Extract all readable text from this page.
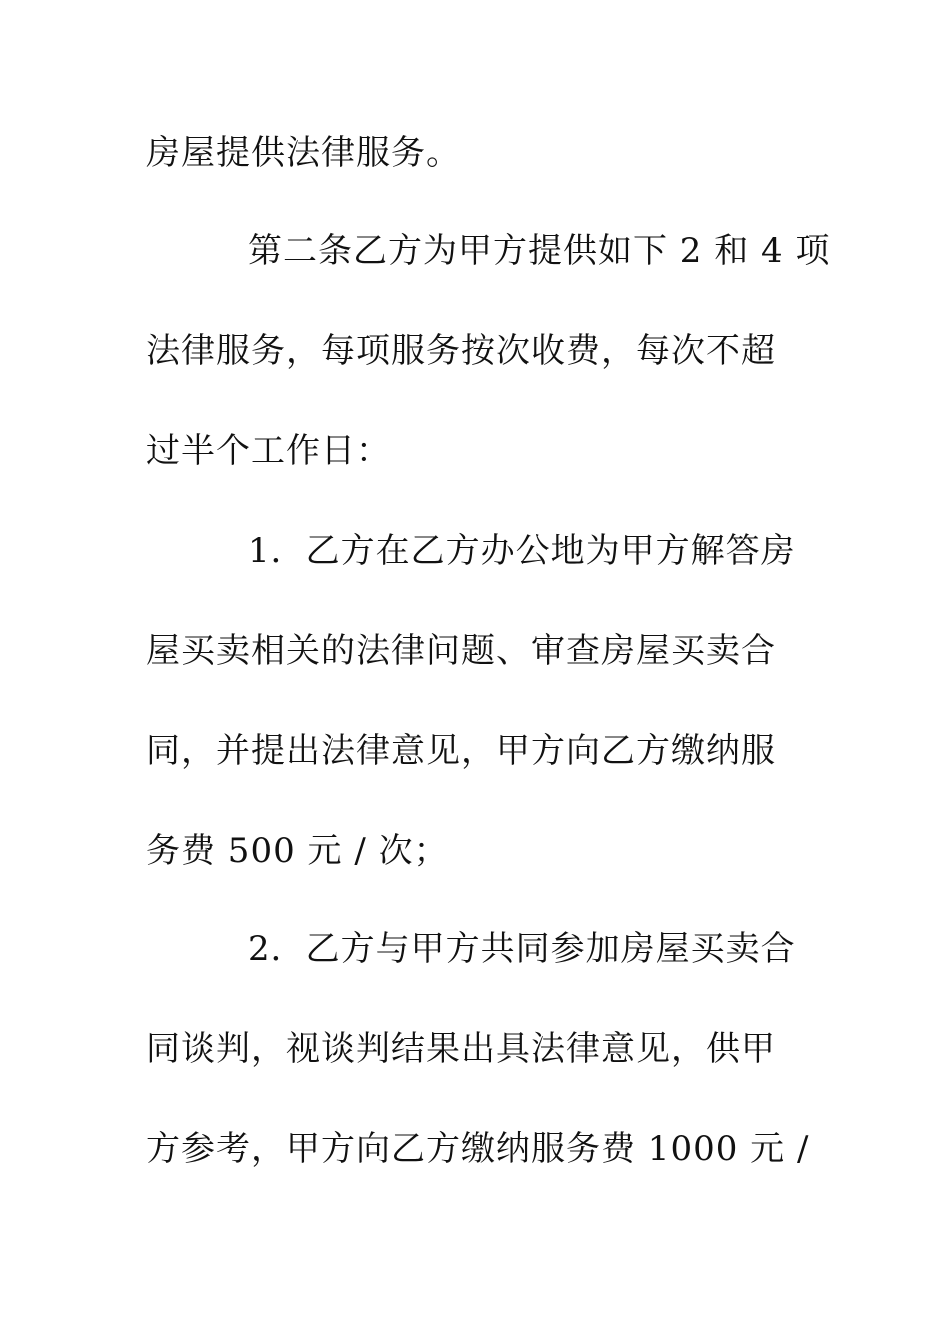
房屋提供法律服务。
第二条乙方为甲方提供如下 2 和 4 项
法律服务，每项服务按次收费，每次不超
过半个工作日：
1．乙方在乙方办公地为甲方解答房
屋买卖相关的法律问题、审查房屋买卖合
同，并提出法律意见，甲方向乙方缴纳服
务费 500 元 / 次；
2．乙方与甲方共同参加房屋买卖合
同谈判，视谈判结果出具法律意见，供甲
方参考，甲方向乙方缴纳服务费 1000 元 /
